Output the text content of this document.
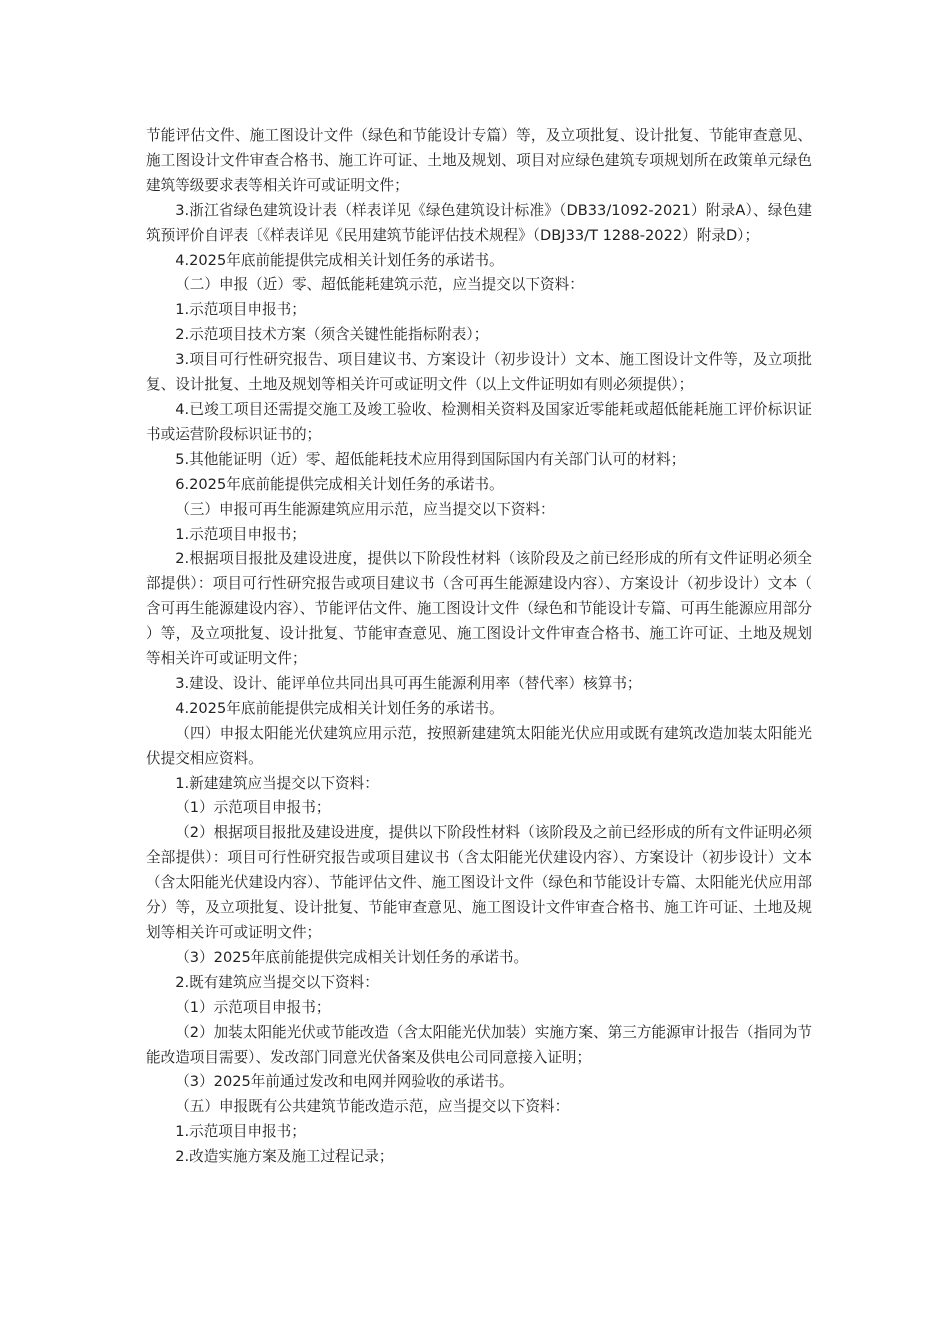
节能评估文件、施工图设计文件（绿色和节能设计专篇）等，及立项批复、设计批复、节能审查意见、施工图设计文件审查合格书、施工许可证、土地及规划、项目对应绿色建筑专项规划所在政策单元绿色建筑等级要求表等相关许可或证明文件；

3.浙江省绿色建筑设计表（样表详见《绿色建筑设计标准》（DB33/1092-2021）附录A）、绿色建筑预评价自评表〔《样表详见《民用建筑节能评估技术规程》（DBJ33/T 1288-2022）附录D）；

4.2025年底前能提供完成相关计划任务的承诺书。

（二）申报（近）零、超低能耗建筑示范，应当提交以下资料：

1.示范项目申报书；

2.示范项目技术方案（须含关键性能指标附表）；

3.项目可行性研究报告、项目建议书、方案设计（初步设计）文本、施工图设计文件等，及立项批复、设计批复、土地及规划等相关许可或证明文件（以上文件证明如有则必须提供）；

4.已竣工项目还需提交施工及竣工验收、检测相关资料及国家近零能耗或超低能耗施工评价标识证书或运营阶段标识证书的；

5.其他能证明（近）零、超低能耗技术应用得到国际国内有关部门认可的材料；

6.2025年底前能提供完成相关计划任务的承诺书。

（三）申报可再生能源建筑应用示范，应当提交以下资料：

1.示范项目申报书；

2.根据项目报批及建设进度，提供以下阶段性材料（该阶段及之前已经形成的所有文件证明必须全部提供）：项目可行性研究报告或项目建议书（含可再生能源建设内容）、方案设计（初步设计）文本（含可再生能源建设内容）、节能评估文件、施工图设计文件（绿色和节能设计专篇、可再生能源应用部分）等，及立项批复、设计批复、节能审查意见、施工图设计文件审查合格书、施工许可证、土地及规划等相关许可或证明文件；

3.建设、设计、能评单位共同出具可再生能源利用率（替代率）核算书；

4.2025年底前能提供完成相关计划任务的承诺书。

（四）申报太阳能光伏建筑应用示范，按照新建建筑太阳能光伏应用或既有建筑改造加装太阳能光伏提交相应资料。

1.新建建筑应当提交以下资料：

（1）示范项目申报书；

（2）根据项目报批及建设进度，提供以下阶段性材料（该阶段及之前已经形成的所有文件证明必须全部提供）：项目可行性研究报告或项目建议书（含太阳能光伏建设内容）、方案设计（初步设计）文本（含太阳能光伏建设内容）、节能评估文件、施工图设计文件（绿色和节能设计专篇、太阳能光伏应用部分）等，及立项批复、设计批复、节能审查意见、施工图设计文件审查合格书、施工许可证、土地及规划等相关许可或证明文件；

（3）2025年底前能提供完成相关计划任务的承诺书。

2.既有建筑应当提交以下资料：

（1）示范项目申报书；

（2）加装太阳能光伏或节能改造（含太阳能光伏加装）实施方案、第三方能源审计报告（指同为节能改造项目需要）、发改部门同意光伏备案及供电公司同意接入证明；

（3）2025年前通过发改和电网并网验收的承诺书。

（五）申报既有公共建筑节能改造示范，应当提交以下资料：

1.示范项目申报书；

2.改造实施方案及施工过程记录；
